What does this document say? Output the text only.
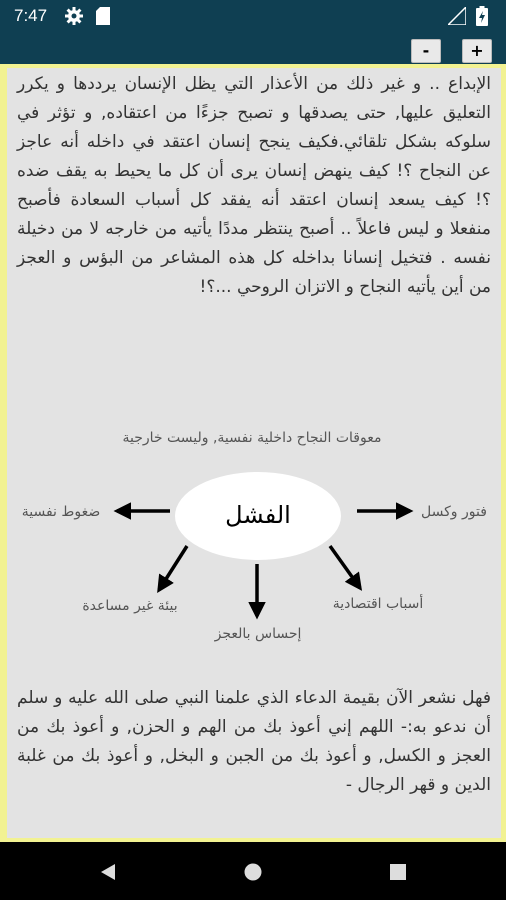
7:47
-	+

الإبداع .. و غير ذلك من الأعذار التي يظل الإنسان يرددها و يكرر التعليق عليها, حتى يصدقها و تصبح جزءًا من اعتقاده, و تؤثر في سلوكه بشكل تلقائي.فكيف ينجح إنسان اعتقد في داخله أنه عاجز عن النجاح ؟! كيف ينهض إنسان يرى أن كل ما يحيط به يقف ضده ؟! كيف يسعد إنسان اعتقد أنه يفقد كل أسباب السعادة فأصبح منفعلا و ليس فاعلاً .. أصبح ينتظر مددًا يأتيه من خارجه لا من دخيلة نفسه . فتخيل إنسانا بداخله كل هذه المشاعر من البؤس و العجز من أين يأتيه النجاح و الاتزان الروحي ...؟!

معوقات النجاح داخلية نفسية, وليست خارجية
الفشل
ضغوط نفسية	فتور وكسل
بيئة غير مساعدة	أسباب اقتصادية
إحساس بالعجز

فهل نشعر الآن بقيمة الدعاء الذي علمنا النبي صلى الله عليه و سلم أن ندعو به:- اللهم إني أعوذ بك من الهم و الحزن, و أعوذ بك من العجز و الكسل, و أعوذ بك من الجبن و البخل, و أعوذ بك من غلبة الدين و قهر الرجال -
